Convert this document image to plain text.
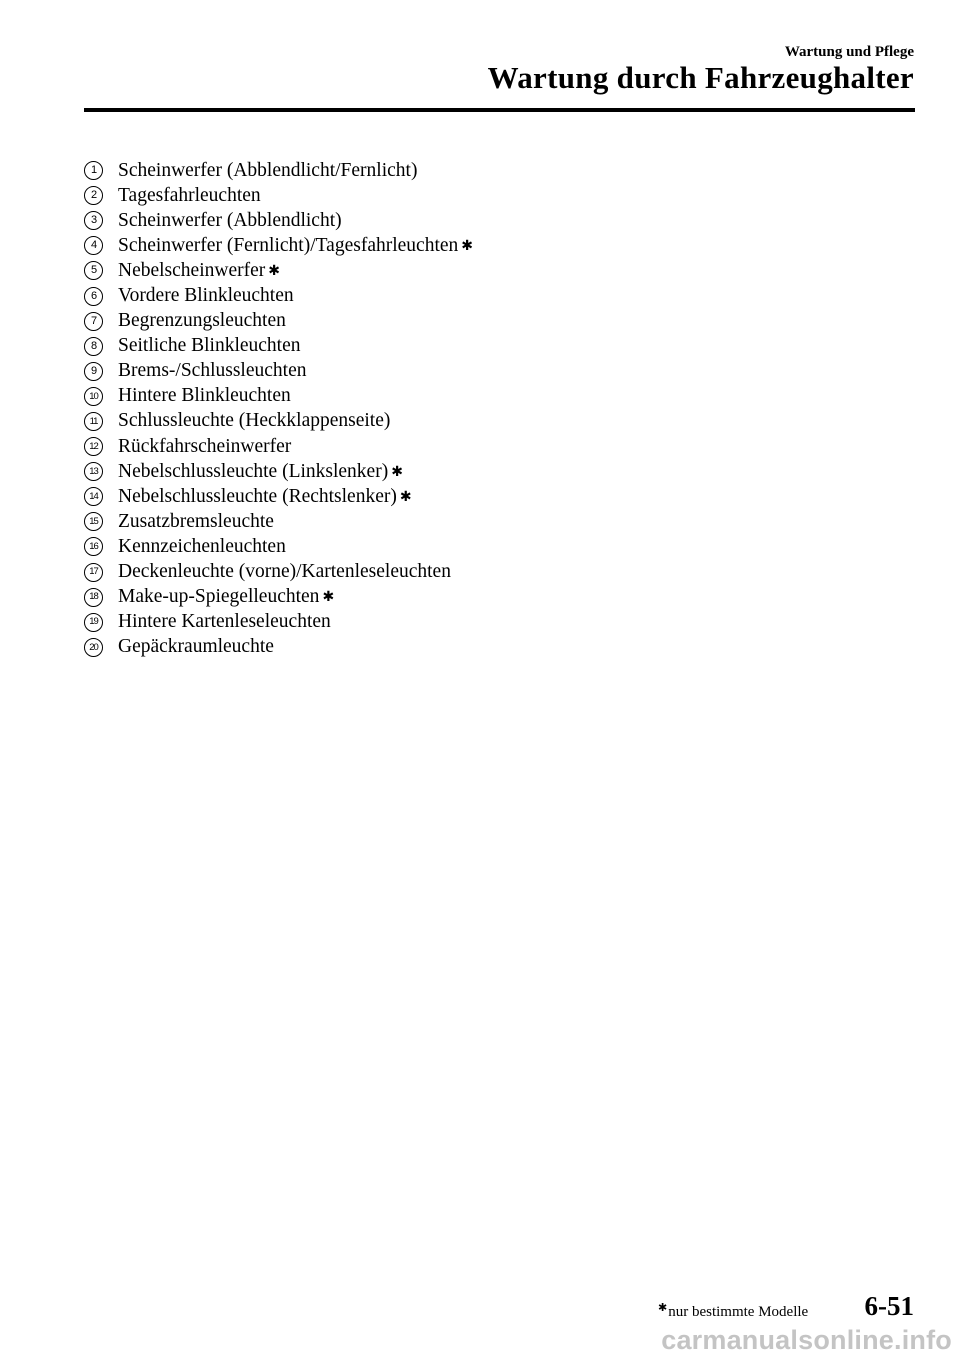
Wartung und Pflege
Wartung durch Fahrzeughalter
1	Scheinwerfer (Abblendlicht/Fernlicht)
2	Tagesfahrleuchten
3	Scheinwerfer (Abblendlicht)
4	Scheinwerfer (Fernlicht)/Tagesfahrleuchten ✱
5	Nebelscheinwerfer ✱
6	Vordere Blinkleuchten
7	Begrenzungsleuchten
8	Seitliche Blinkleuchten
9	Brems-/Schlussleuchten
10 Hintere Blinkleuchten
11 Schlussleuchte (Heckklappenseite)
12 Rückfahrscheinwerfer
13 Nebelschlussleuchte (Linkslenker) ✱
14 Nebelschlussleuchte (Rechtslenker) ✱
15 Zusatzbremsleuchte
16 Kennzeichenleuchten
17 Deckenleuchte (vorne)/Kartenleseleuchten
18 Make-up-Spiegelleuchten ✱
19 Hintere Kartenleseleuchten
20 Gepäckraumleuchte
✱nur bestimmte Modelle 6-51
carmanualsonline.info
